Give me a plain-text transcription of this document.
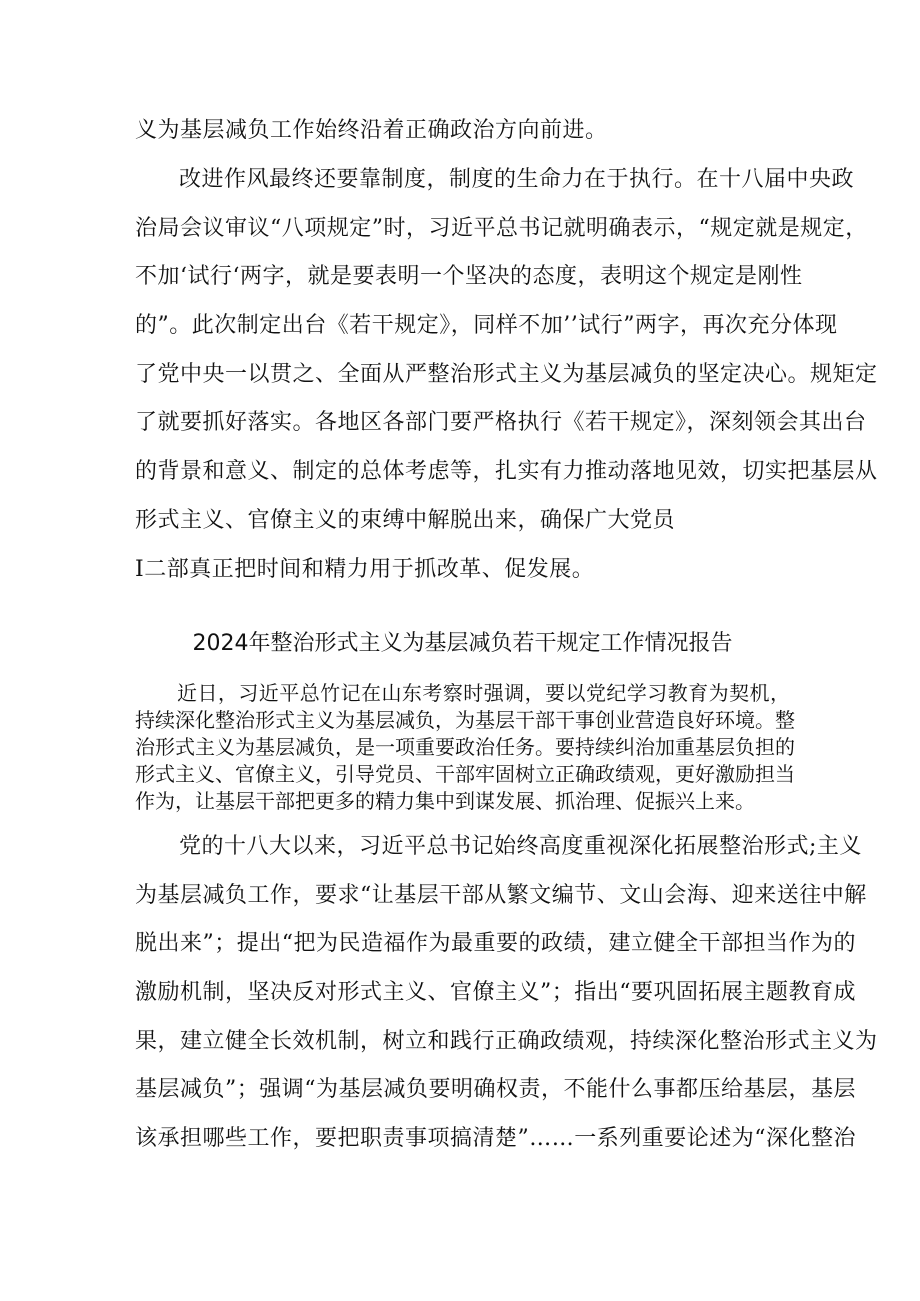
义为基层减负工作始终沿着正确政治方向前进。

改进作风最终还要靠制度，制度的生命力在于执行。在十八届中央政

治局会议审议“八项规定”时，习近平总书记就明确表示，“规定就是规定，

不加‘试行‘两字，就是要表明一个坚决的态度，表明这个规定是刚性

的”。此次制定出台《若干规定》，同样不加’’试行”两字，再次充分体现

了党中央一以贯之、全面从严整治形式主义为基层减负的坚定决心。规矩定

了就要抓好落实。各地区各部门要严格执行《若干规定》，深刻领会其出台

的背景和意义、制定的总体考虑等，扎实有力推动落地见效，切实把基层从

形式主义、官僚主义的束缚中解脱出来，确保广大党员

I二部真正把时间和精力用于抓改革、促发展。

2024年整治形式主义为基层减负若干规定工作情况报告

近日，习近平总竹记在山东考察时强调，要以党纪学习教育为契机，

持续深化整治形式主义为基层减负，为基层干部干事创业营造良好环境。整

治形式主义为基层减负，是一项重要政治任务。要持续纠治加重基层负担的

形式主义、官僚主义，引导党员、干部牢固树立正确政绩观，更好激励担当

作为，让基层干部把更多的精力集中到谋发展、抓治理、促振兴上来。

党的十八大以来，习近平总书记始终高度重视深化拓展整治形式;主义

为基层减负工作，要求“让基层干部从繁文编节、文山会海、迎来送往中解

脱出来”；提出“把为民造福作为最重要的政绩，建立健全干部担当作为的

激励机制，坚决反对形式主义、官僚主义”；指出“要巩固拓展主题教育成

果，建立健全长效机制，树立和践行正确政绩观，持续深化整治形式主义为

基层减负”；强调“为基层减负要明确权责，不能什么事都压给基层，基层

该承担哪些工作，要把职责事项搞清楚”……一系列重要论述为“深化整治
